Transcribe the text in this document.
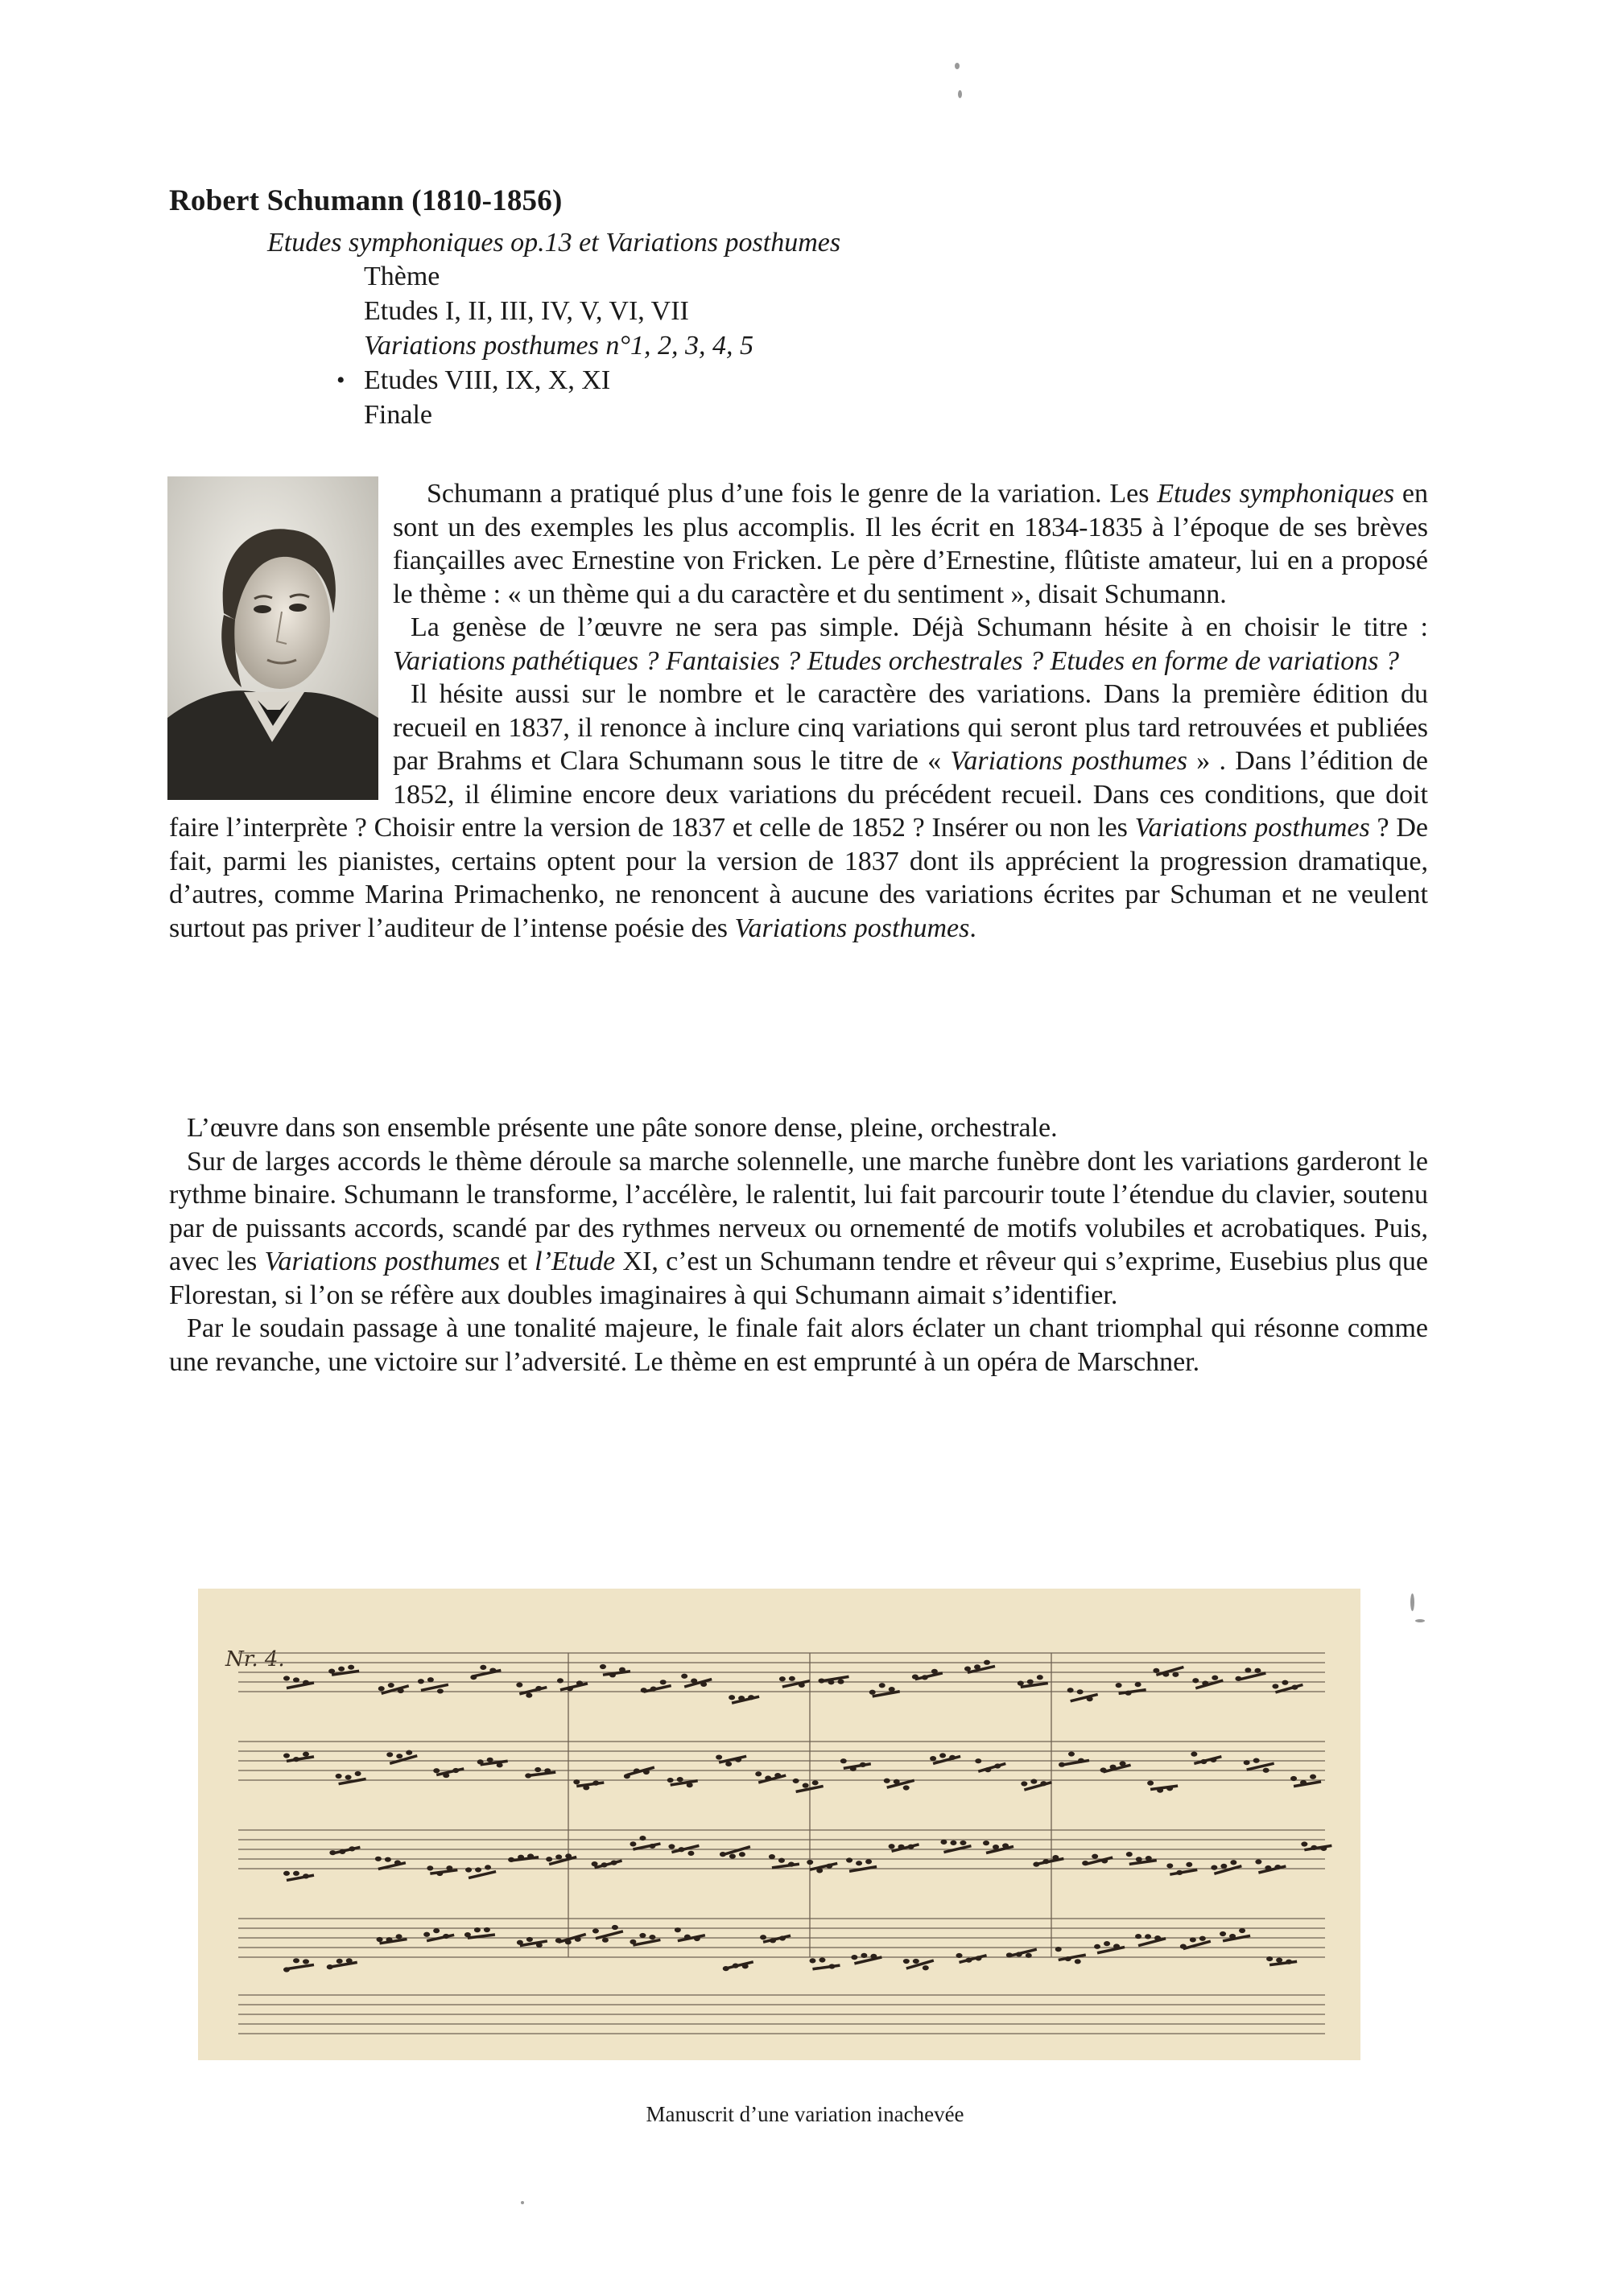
Robert Schumann (1810-1856)
Etudes symphoniques op.13 et Variations posthumes
Thème
Etudes I, II, III, IV, V, VI, VII
Variations posthumes n°1, 2, 3, 4, 5
• Etudes VIII, IX, X, XI
Finale

Schumann a pratiqué plus d’une fois le genre de la variation. Les Etudes symphoniques en sont un des exemples les plus accomplis. Il les écrit en 1834-1835 à l’époque de ses brèves fiançailles avec Ernestine von Fricken. Le père d’Ernestine, flûtiste amateur, lui en a proposé le thème : « un thème qui a du caractère et du sentiment », disait Schumann.

La genèse de l’œuvre ne sera pas simple. Déjà Schumann hésite à en choisir le titre : Variations pathétiques ? Fantaisies ? Etudes orchestrales ? Etudes en forme de variations ?

Il hésite aussi sur le nombre et le caractère des variations. Dans la première édition du recueil en 1837, il renonce à inclure cinq variations qui seront plus tard retrouvées et publiées par Brahms et Clara Schumann sous le titre de « Variations posthumes » . Dans l’édition de 1852, il élimine encore deux variations du précédent recueil. Dans ces conditions, que doit faire l’interprète ? Choisir entre la version de 1837 et celle de 1852 ? Insérer ou non les Variations posthumes ? De fait, parmi les pianistes, certains optent pour la version de 1837 dont ils apprécient la progression dramatique, d’autres, comme Marina Primachenko, ne renoncent à aucune des variations écrites par Schuman et ne veulent surtout pas priver l’auditeur de l’intense poésie des Variations posthumes.

L’œuvre dans son ensemble présente une pâte sonore dense, pleine, orchestrale.

Sur de larges accords le thème déroule sa marche solennelle, une marche funèbre dont les variations garderont le rythme binaire. Schumann le transforme, l’accélère, le ralentit, lui fait parcourir toute l’étendue du clavier, soutenu par de puissants accords, scandé par des rythmes nerveux ou ornementé de motifs volubiles et acrobatiques. Puis, avec les Variations posthumes et l’Etude XI, c’est un Schumann tendre et rêveur qui s’exprime, Eusebius plus que Florestan, si l’on se réfère aux doubles imaginaires à qui Schumann aimait s’identifier.

Par le soudain passage à une tonalité majeure, le finale fait alors éclater un chant triomphal qui résonne comme une revanche, une victoire sur l’adversité. Le thème en est emprunté à un opéra de Marschner.

Nr. 4.
Manuscrit d’une variation inachevée
